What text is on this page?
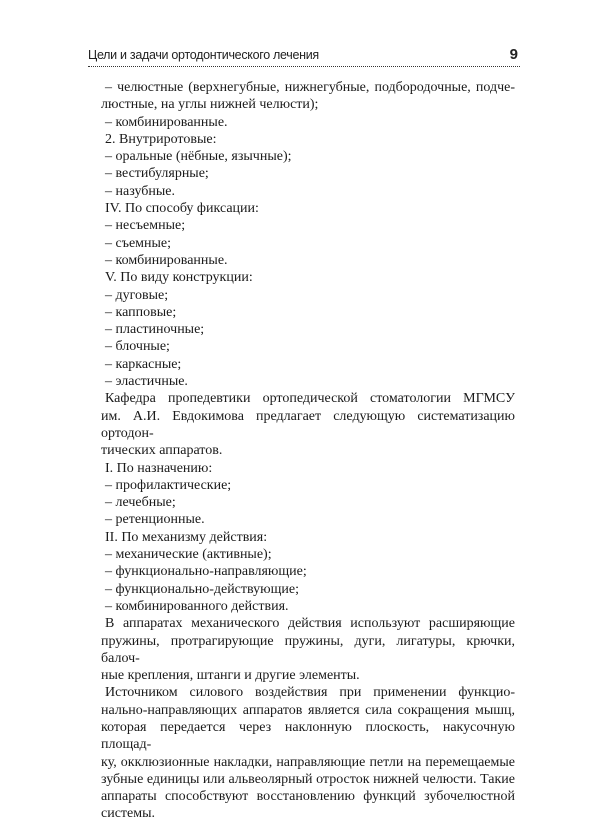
Цели и задачи ортодонтического лечения	9

– челюстные (верхнегубные, нижнегубные, подбородочные, подче-

люстные, на углы нижней челюсти);

– комбинированные.

2. Внутриротовые:

– оральные (нёбные, язычные);

– вестибулярные;

– назубные.

IV. По способу фиксации:

– несъемные;

– съемные;

– комбинированные.

V. По виду конструкции:

– дуговые;

– капповые;

– пластиночные;

– блочные;

– каркасные;

– эластичные.

Кафедра пропедевтики ортопедической стоматологии МГМСУ

им. А.И. Евдокимова предлагает следующую систематизацию ортодон-

тических аппаратов.

I. По назначению:

– профилактические;

– лечебные;

– ретенционные.

II. По механизму действия:

– механические (активные);

– функционально-направляющие;

– функционально-действующие;

– комбинированного действия.

В аппаратах механического действия используют расширяющие

пружины, протрагирующие пружины, дуги, лигатуры, крючки, балоч-

ные крепления, штанги и другие элементы.

Источником силового воздействия при применении функцио-

нально-направляющих аппаратов является сила сокращения мышц,

которая передается через наклонную плоскость, накусочную площад-

ку, окклюзионные накладки, направляющие петли на перемещаемые

зубные единицы или альвеолярный отросток нижней челюсти. Такие

аппараты способствуют восстановлению функций зубочелюстной

системы.
